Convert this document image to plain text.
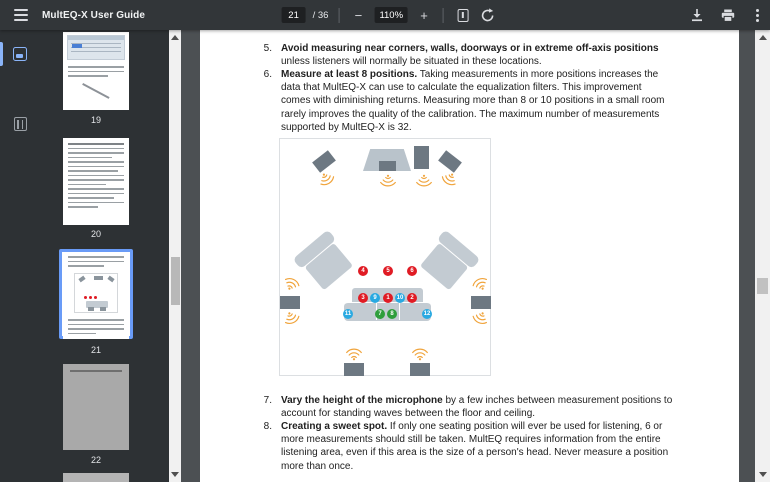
MultEQ-X User Guide	21	/ 36	−	110%	+
19
20
21
22
5. Avoid measuring near corners, walls, doorways or in extreme off-axis positions unless listeners will normally be situated in these locations.
6. Measure at least 8 positions. Taking measurements in more positions increases the data that MultEQ-X can use to calculate the equalization filters. This improvement comes with diminishing returns. Measuring more than 8 or 10 positions in a small room rarely improves the quality of the calibration. The maximum number of measurements supported by MultEQ-X is 32.
4	5	6
3	9	1	10	2
11	7	8	12
7. Vary the height of the microphone by a few inches between measurement positions to account for standing waves between the floor and ceiling.
8. Creating a sweet spot. If only one seating position will ever be used for listening, 6 or more measurements should still be taken. MultEQ requires information from the entire listening area, even if this area is the size of a person's head. Never measure a position more than once.
